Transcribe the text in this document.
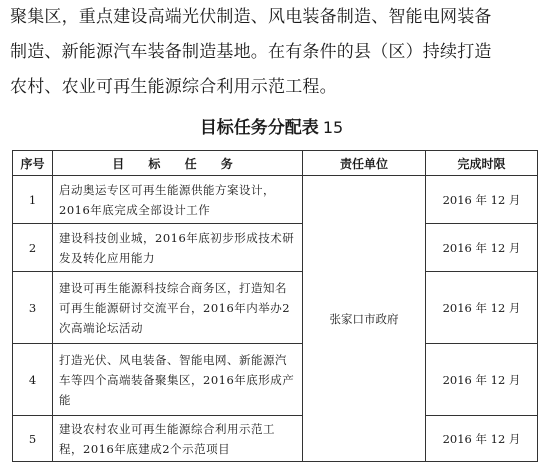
聚集区，重点建设高端光伏制造、风电装备制造、智能电网装备
制造、新能源汽车装备制造基地。在有条件的县（区）持续打造
农村、农业可再生能源综合利用示范工程。
目标任务分配表 15
序号	目 标 任 务	责任单位	完成时限
1	启动奥运专区可再生能源供能方案设计，2016年底完成全部设计工作	张家口市政府	2016 年 12 月
2	建设科技创业城，2016年底初步形成技术研发及转化应用能力		2016 年 12 月
3	建设可再生能源科技综合商务区，打造知名可再生能源研讨交流平台，2016年内举办2次高端论坛活动		2016 年 12 月
4	打造光伏、风电装备、智能电网、新能源汽车等四个高端装备聚集区，2016年底形成产能		2016 年 12 月
5	建设农村农业可再生能源综合利用示范工程，2016年底建成2个示范项目		2016 年 12 月
